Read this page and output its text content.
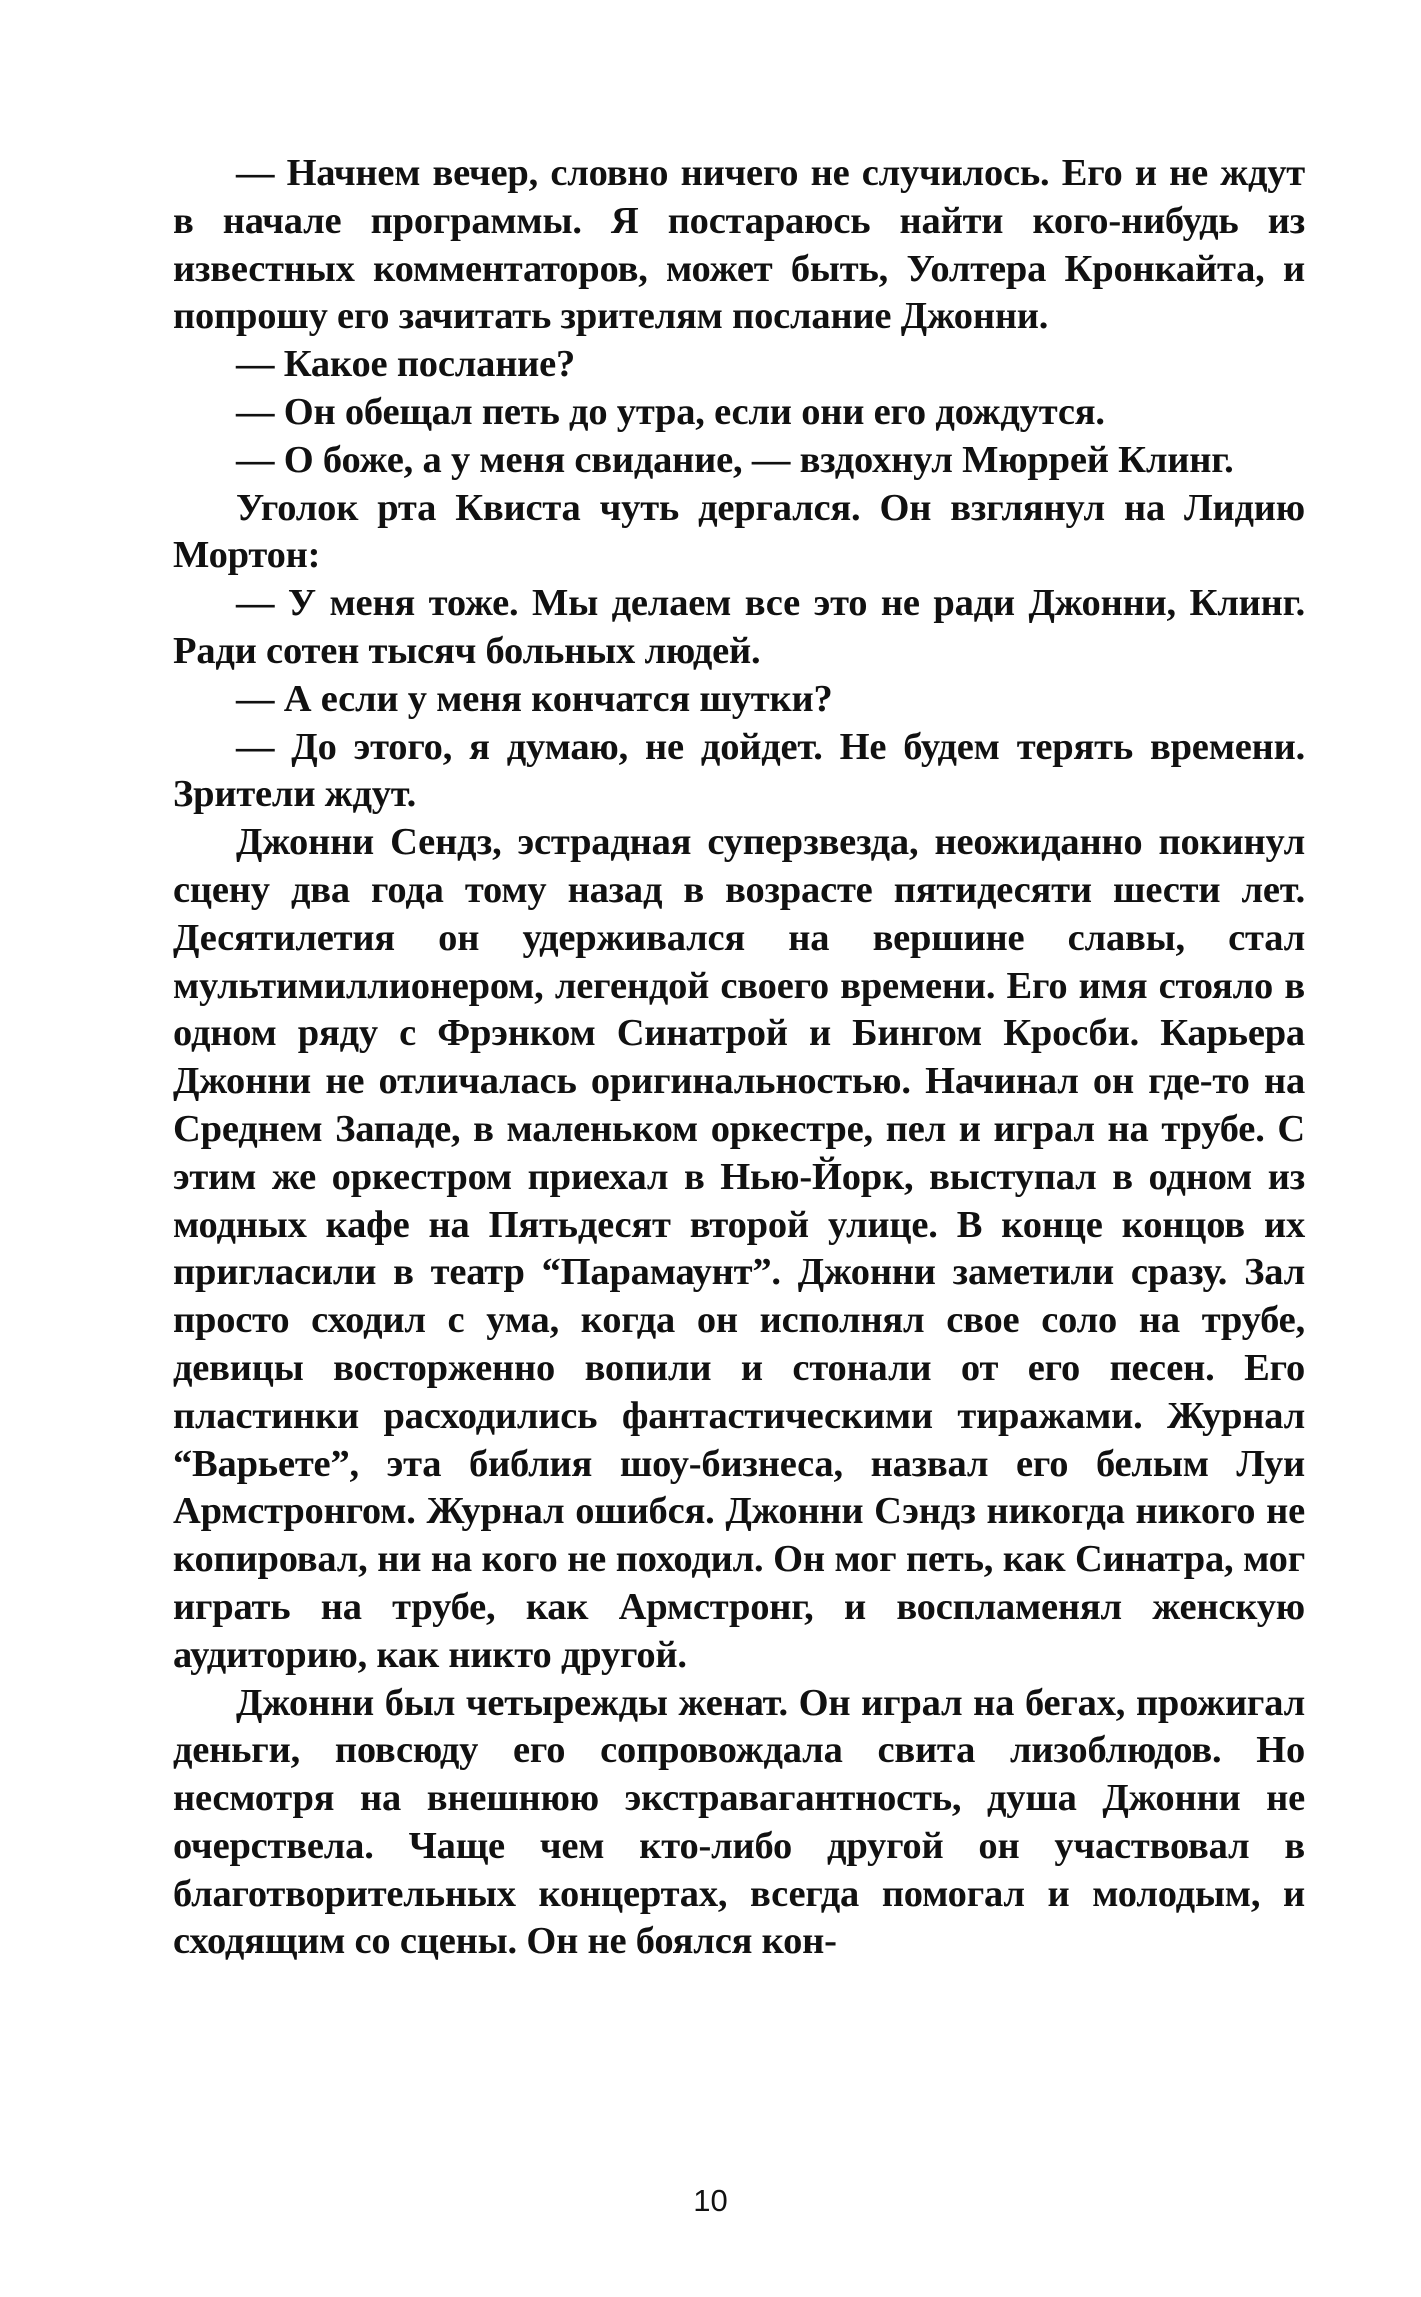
— Начнем вечер, словно ничего не случилось. Его и не ждут в начале программы. Я постараюсь найти кого-нибудь из известных комментаторов, может быть, Уолтера Кронкайта, и попрошу его зачитать зрителям послание Джонни.

— Какое послание?

— Он обещал петь до утра, если они его дождутся.

— О боже, а у меня свидание, — вздохнул Мюррей Клинг.

Уголок рта Квиста чуть дергался. Он взглянул на Лидию Мортон:

— У меня тоже. Мы делаем все это не ради Джонни, Клинг. Ради сотен тысяч больных людей.

— А если у меня кончатся шутки?

— До этого, я думаю, не дойдет. Не будем терять времени. Зрители ждут.

Джонни Сендз, эстрадная суперзвезда, неожиданно покинул сцену два года тому назад в возрасте пятидесяти шести лет. Десятилетия он удерживался на вершине славы, стал мультимиллионером, легендой своего времени. Его имя стояло в одном ряду с Фрэнком Синатрой и Бингом Кросби. Карьера Джонни не отличалась оригинальностью. Начинал он где-то на Среднем Западе, в маленьком оркестре, пел и играл на трубе. С этим же оркестром приехал в Нью-Йорк, выступал в одном из модных кафе на Пятьдесят второй улице. В конце концов их пригласили в театр “Парамаунт”. Джонни заметили сразу. Зал просто сходил с ума, когда он исполнял свое соло на трубе, девицы восторженно вопили и стонали от его песен. Его пластинки расходились фантастическими тиражами. Журнал “Варьете”, эта библия шоу-бизнеса, назвал его белым Луи Армстронгом. Журнал ошибся. Джонни Сэндз никогда никого не копировал, ни на кого не походил. Он мог петь, как Синатра, мог играть на трубе, как Армстронг, и воспламенял женскую аудиторию, как никто другой.

Джонни был четырежды женат. Он играл на бегах, прожигал деньги, повсюду его сопровождала свита лизоблюдов. Но несмотря на внешнюю экстравагантность, душа Джонни не очерствела. Чаще чем кто-либо другой он участвовал в благотворительных концертах, всегда помогал и молодым, и сходящим со сцены. Он не боялся кон-

10
